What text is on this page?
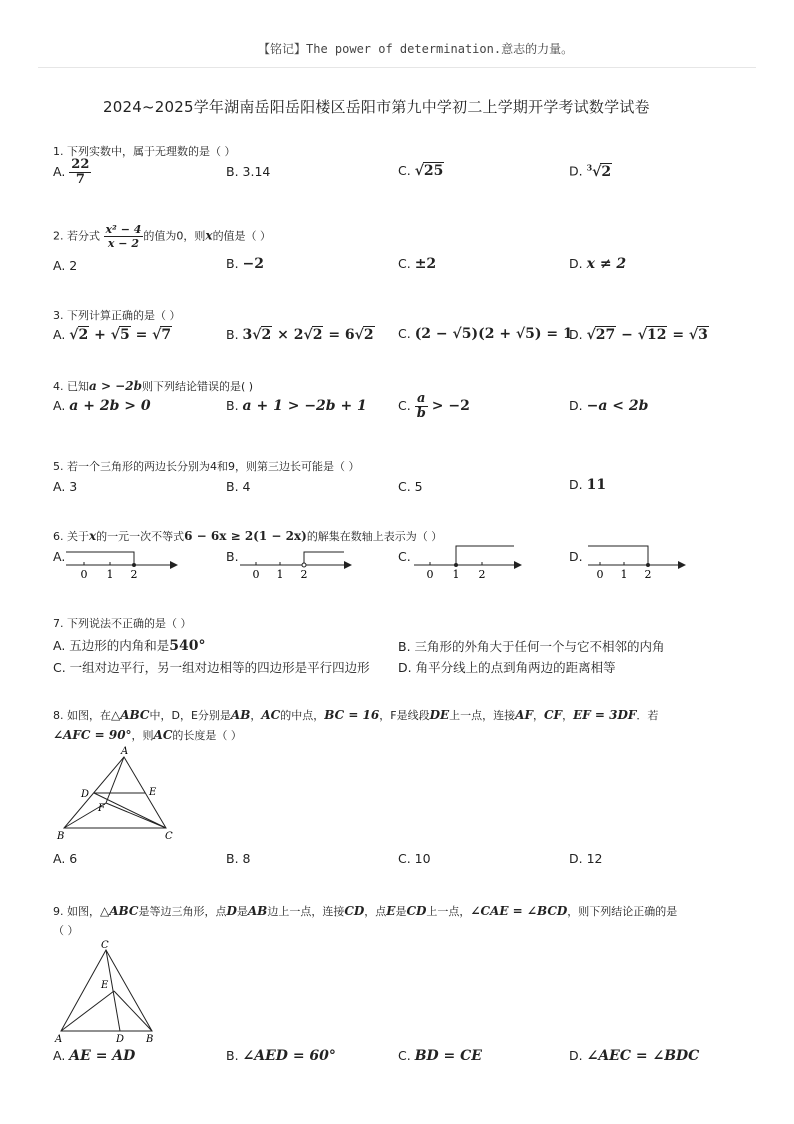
【铭记】The power of determination.意志的力量。
2024~2025学年湖南岳阳岳阳楼区岳阳市第九中学初二上学期开学考试数学试卷
1. 下列实数中，属于无理数的是（ ）
A. $\frac{22}{7}$	B. 3.14	C. √25	D. $^3$√2
2. 若分式 $\frac{\text{x² − 4}}{x - 2}$ 的值为0，则x的值是（ ）
A. 2	B. −2	C. ±2	D. x ≠ 2
3. 下列计算正确的是（ ）
A. √2 + √5 = √7	B. 3√2 × 2√2 = 6√2 C. (2 − √5)(2 + √5) = 1
D. √27 − √12 = √3
4. 已知a > −2b则下列结论错误的是( )
A. a + 2b > 0	B. a + 1 > −2b + 1 C. $\frac{a}{b} > -2$	D. −a < 2b
5. 若一个三角形的两边长分别为4和9，则第三边长可能是（ ）
A. 3	B. 4	C. 5	D. 11
6. 关于x的一元一次不等式6 − 6x ≥ 2(1 − 2x)的解集在数轴上表示为（ ）
A.	B.	C.	D.
0 1 2	0 1 2	0 1 2	0 1 2
7. 下列说法不正确的是（ ）
A. 五边形的内角和是540°	B. 三角形的外角大于任何一个与它不相邻的内角
C. 一组对边平行，另一组对边相等的四边形是平行四边形 D. 角平分线上的点到角两边的距离相等
8. 如图，在△ABC中，D，E分别是AB，AC的中点，BC = 16，F是线段DE上一点，连接AF，CF，EF = 3DF．若
∠AFC = 90°，则AC的长度是（ ）
A
B	C
D	E
F
A. 6	B. 8	C. 10	D. 12
9. 如图，△ABC是等边三角形，点D是AB边上一点，连接CD，点E是CD上一点，∠CAE = ∠BCD，则下列结论正确的是
（ ）
C
A	D B
E
A. AE = AD	B. ∠AED = 60°	C. BD = CE	D. ∠AEC = ∠BDC
